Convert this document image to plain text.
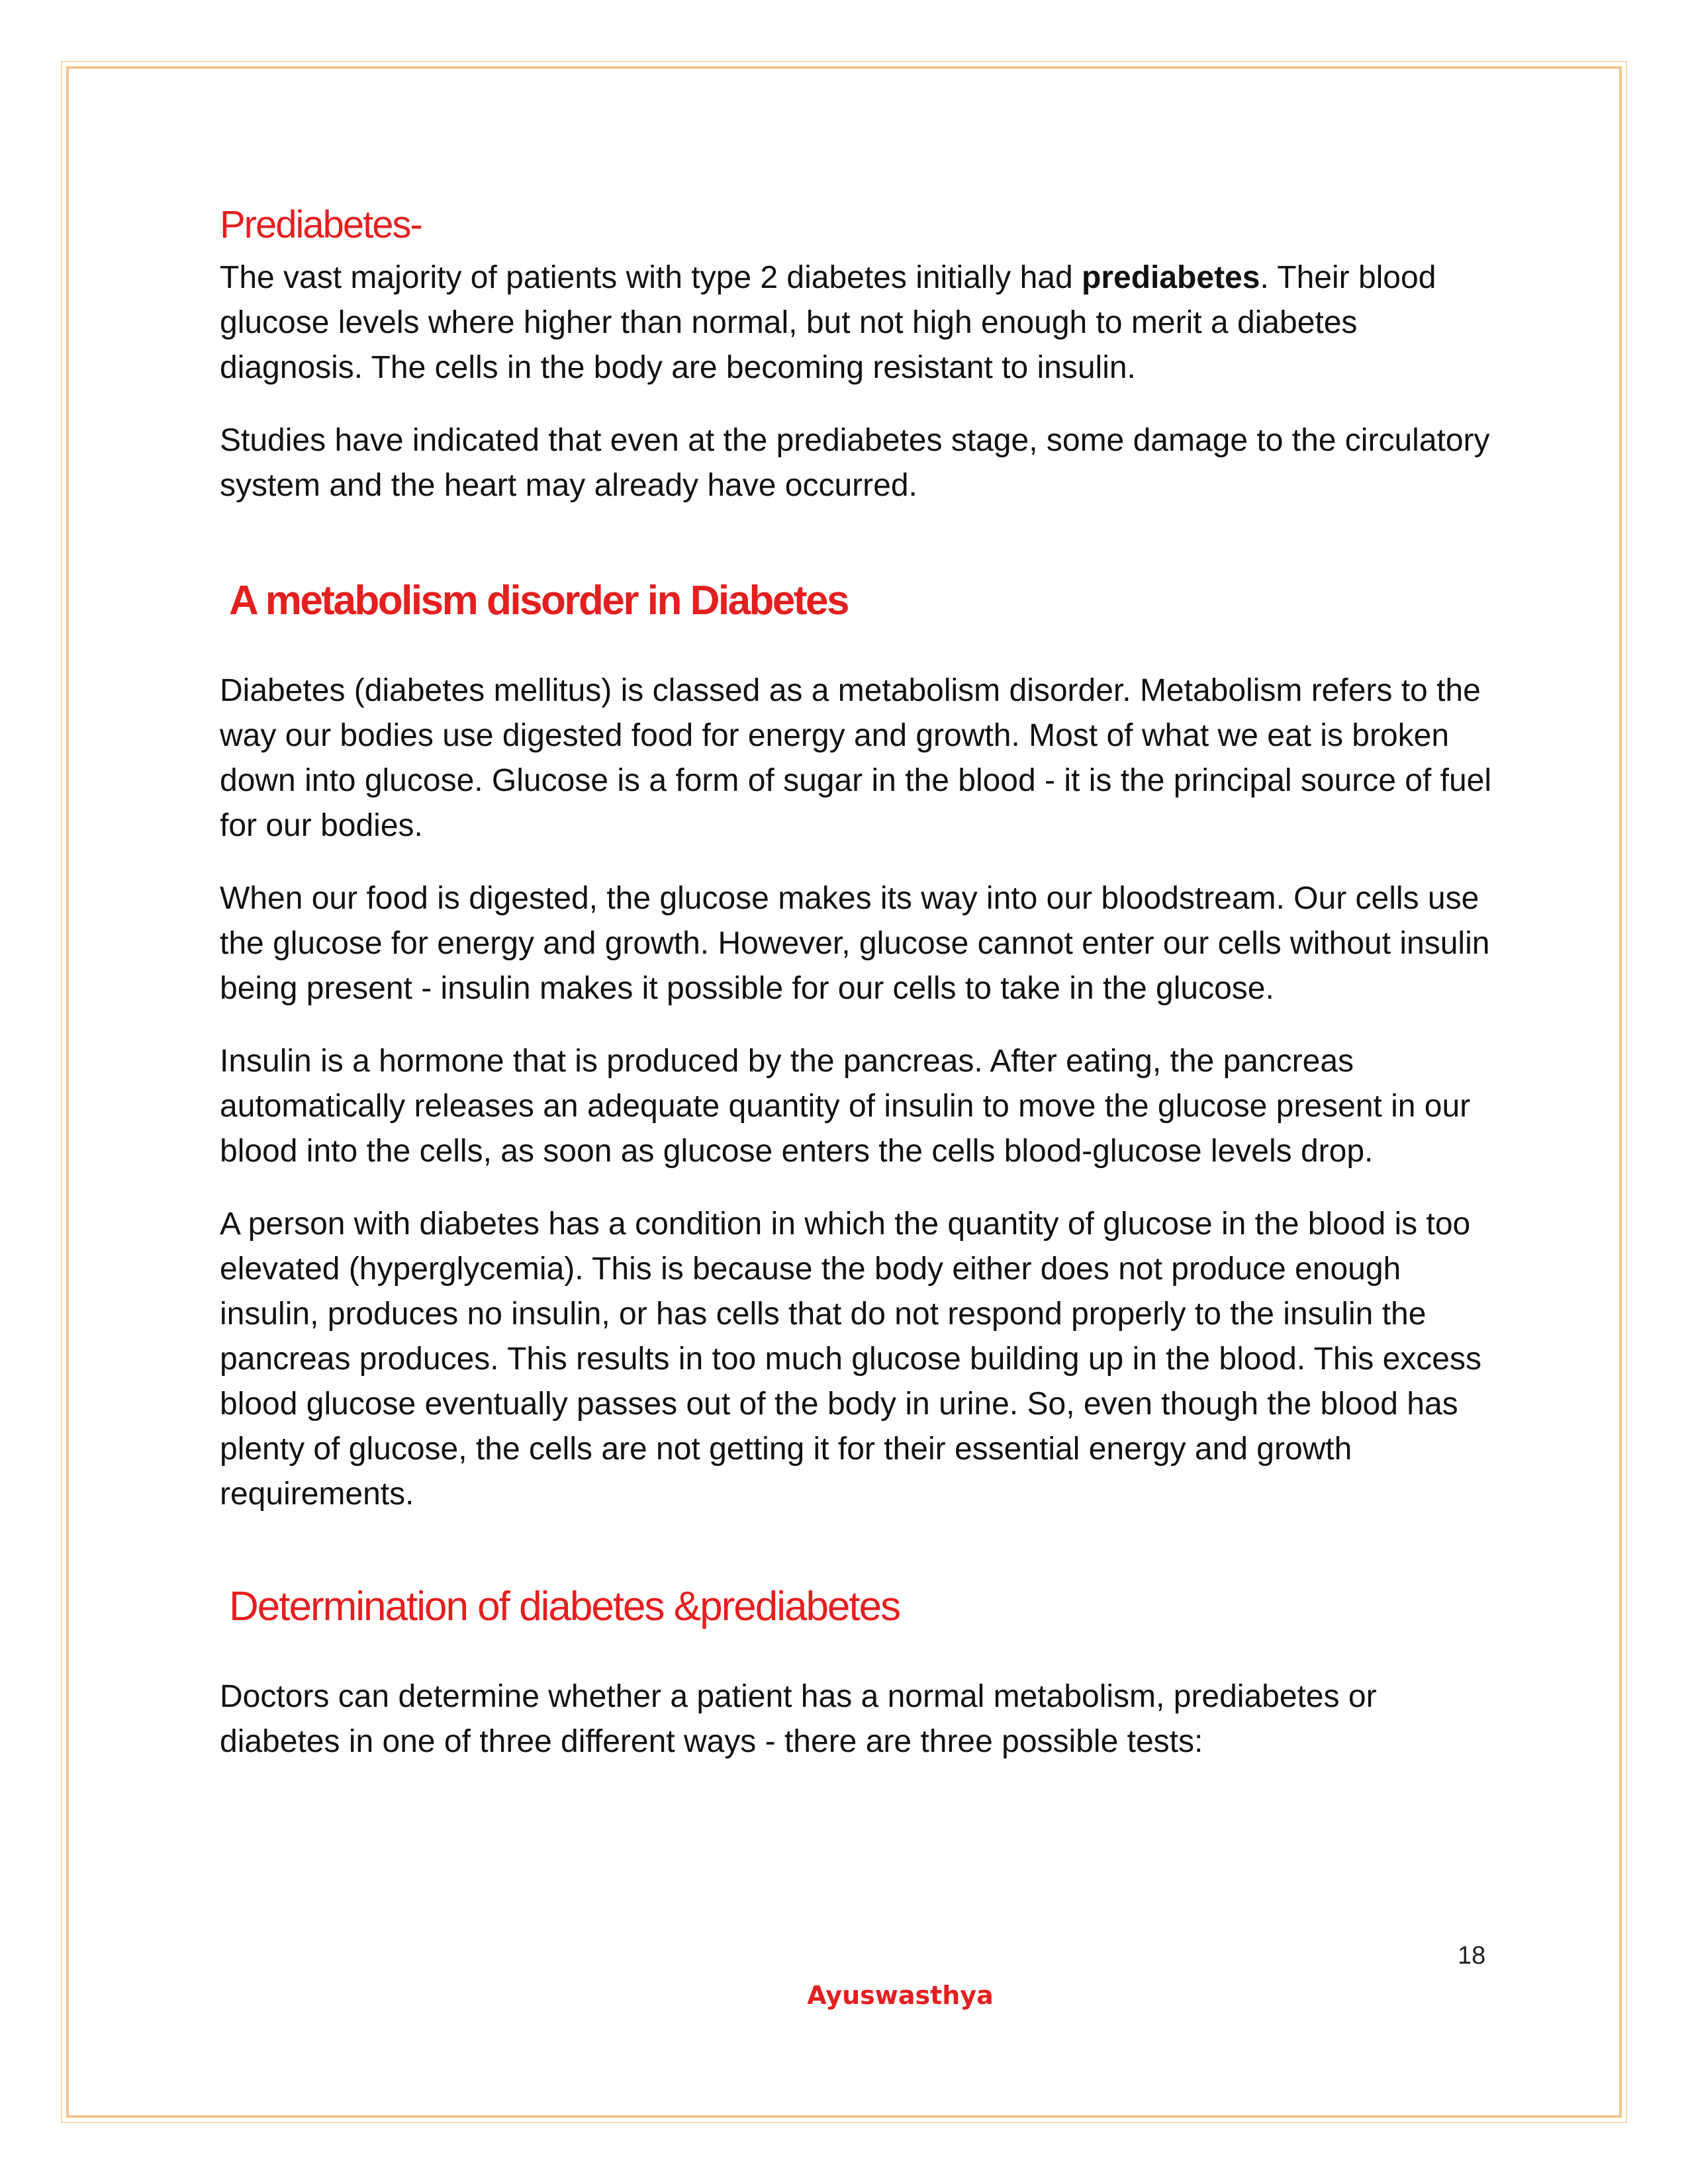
Prediabetes-

The vast majority of patients with type 2 diabetes initially had prediabetes. Their blood glucose levels where higher than normal, but not high enough to merit a diabetes diagnosis. The cells in the body are becoming resistant to insulin.

Studies have indicated that even at the prediabetes stage, some damage to the circulatory system and the heart may already have occurred.

A metabolism disorder in Diabetes

Diabetes (diabetes mellitus) is classed as a metabolism disorder. Metabolism refers to the way our bodies use digested food for energy and growth. Most of what we eat is broken down into glucose. Glucose is a form of sugar in the blood - it is the principal source of fuel for our bodies.

When our food is digested, the glucose makes its way into our bloodstream. Our cells use the glucose for energy and growth. However, glucose cannot enter our cells without insulin being present - insulin makes it possible for our cells to take in the glucose.

Insulin is a hormone that is produced by the pancreas. After eating, the pancreas automatically releases an adequate quantity of insulin to move the glucose present in our blood into the cells, as soon as glucose enters the cells blood-glucose levels drop.

A person with diabetes has a condition in which the quantity of glucose in the blood is too elevated (hyperglycemia). This is because the body either does not produce enough insulin, produces no insulin, or has cells that do not respond properly to the insulin the pancreas produces. This results in too much glucose building up in the blood. This excess blood glucose eventually passes out of the body in urine. So, even though the blood has plenty of glucose, the cells are not getting it for their essential energy and growth requirements.

Determination of diabetes &prediabetes

Doctors can determine whether a patient has a normal metabolism, prediabetes or diabetes in one of three different ways - there are three possible tests:

18
Ayuswasthya
